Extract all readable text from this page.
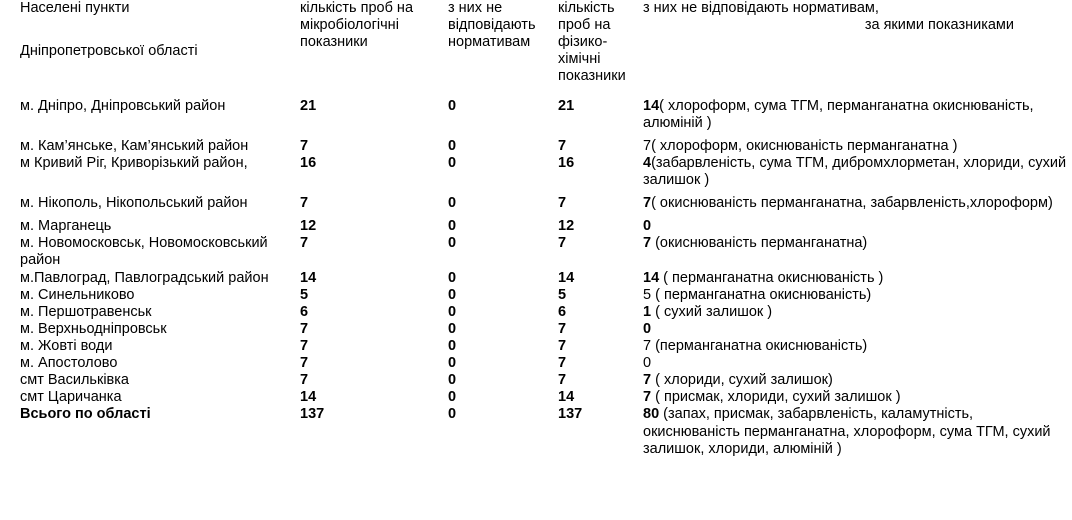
Населені пункти
Дніпропетровської області	кількість проб на мікробіологічні показники	з них не відповідають нормативам	кількість проб на фізико-хімічні показники	з них не відповідають нормативам,
за якими показниками

м. Дніпро, Дніпровський район	21	0	21	14( хлороформ, сума ТГМ, перманганатна окиснюваність, алюміній )

м. Кам’янське, Кам’янський район	7	0	7	7( хлороформ, окиснюваність перманганатна )
м Кривий Ріг, Криворізький район,	16	0	16	4(забарвленість, сума ТГМ, дибромхлорметан, хлориди, сухий залишок )

м. Нікополь, Нікопольський район	7	0	7	7( окиснюваність перманганатна, забарвленість,хлороформ)

м. Марганець	12	0	12	0
м. Новомосковськ, Новомосковський район	7	0	7	7 (окиснюваність перманганатна)
м.Павлоград, Павлоградський район	14	0	14	14 ( перманганатна окиснюваність )
м. Синельниково	5	0	5	5 ( перманганатна окиснюваність)
м. Першотравенськ	6	0	6	1 ( сухий залишок )
м. Верхньодніпровськ	7	0	7	0
м. Жовті води	7	0	7	7 (перманганатна окиснюваність)
м. Апостолово	7	0	7	0
смт Васильківка	7	0	7	7 ( хлориди, сухий залишок)
смт Царичанка	14	0	14	7 ( присмак, хлориди, сухий залишок )
Всього по області	137	0	137	80 (запах, присмак, забарвленість, каламутність, окиснюваність перманганатна, хлороформ, сума ТГМ, сухий залишок, хлориди, алюміній )
